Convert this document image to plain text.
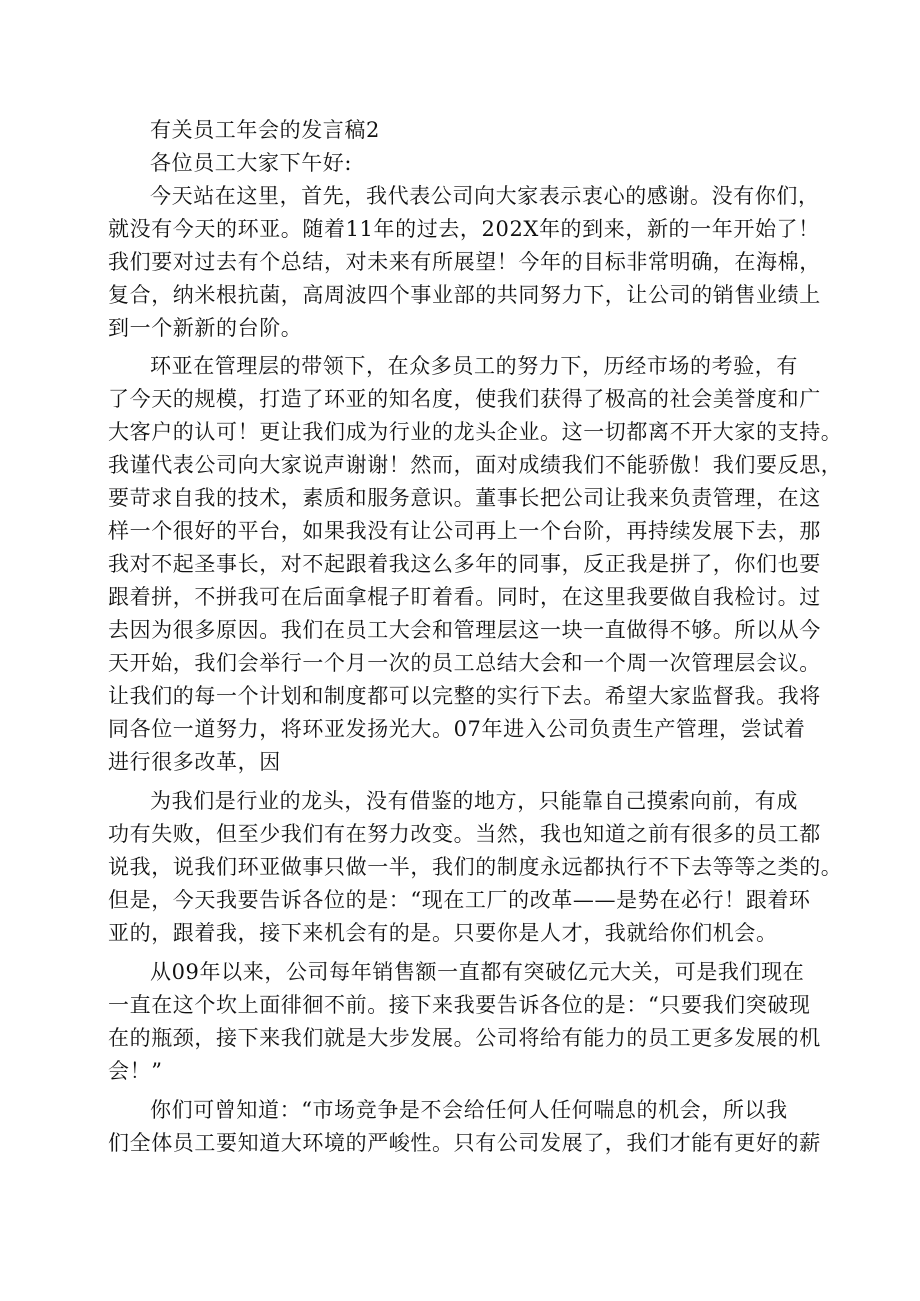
有关员工年会的发言稿2
各位员工大家下午好:
今天站在这里，首先，我代表公司向大家表示衷心的感谢。没有你们，
就没有今天的环亚。随着11年的过去，202X年的到来，新的一年开始了！
我们要对过去有个总结，对未来有所展望！今年的目标非常明确，在海棉，
复合，纳米根抗菌，高周波四个事业部的共同努力下，让公司的销售业绩上
到一个新新的台阶。
环亚在管理层的带领下，在众多员工的努力下，历经市场的考验，有
了今天的规模，打造了环亚的知名度，使我们获得了极高的社会美誉度和广
大客户的认可！更让我们成为行业的龙头企业。这一切都离不开大家的支持。
我谨代表公司向大家说声谢谢！然而，面对成绩我们不能骄傲！我们要反思，
要苛求自我的技术，素质和服务意识。董事长把公司让我来负责管理，在这
样一个很好的平台，如果我没有让公司再上一个台阶，再持续发展下去，那
我对不起圣事长，对不起跟着我这么多年的同事，反正我是拼了，你们也要
跟着拼，不拼我可在后面拿棍子盯着看。同时，在这里我要做自我检讨。过
去因为很多原因。我们在员工大会和管理层这一块一直做得不够。所以从今
天开始，我们会举行一个月一次的员工总结大会和一个周一次管理层会议。
让我们的每一个计划和制度都可以完整的实行下去。希望大家监督我。我将
同各位一道努力，将环亚发扬光大。07年进入公司负责生产管理，尝试着
进行很多改革，因
为我们是行业的龙头，没有借鉴的地方，只能靠自己摸索向前，有成
功有失败，但至少我们有在努力改变。当然，我也知道之前有很多的员工都
说我，说我们环亚做事只做一半，我们的制度永远都执行不下去等等之类的。
但是，今天我要告诉各位的是：“现在工厂的改革——是势在必行！跟着环
亚的，跟着我，接下来机会有的是。只要你是人才，我就给你们机会。
从09年以来，公司每年销售额一直都有突破亿元大关，可是我们现在
一直在这个坎上面徘徊不前。接下来我要告诉各位的是：“只要我们突破现
在的瓶颈，接下来我们就是大步发展。公司将给有能力的员工更多发展的机
会！”
你们可曾知道：“市场竞争是不会给任何人任何喘息的机会，所以我
们全体员工要知道大环境的严峻性。只有公司发展了，我们才能有更好的薪
